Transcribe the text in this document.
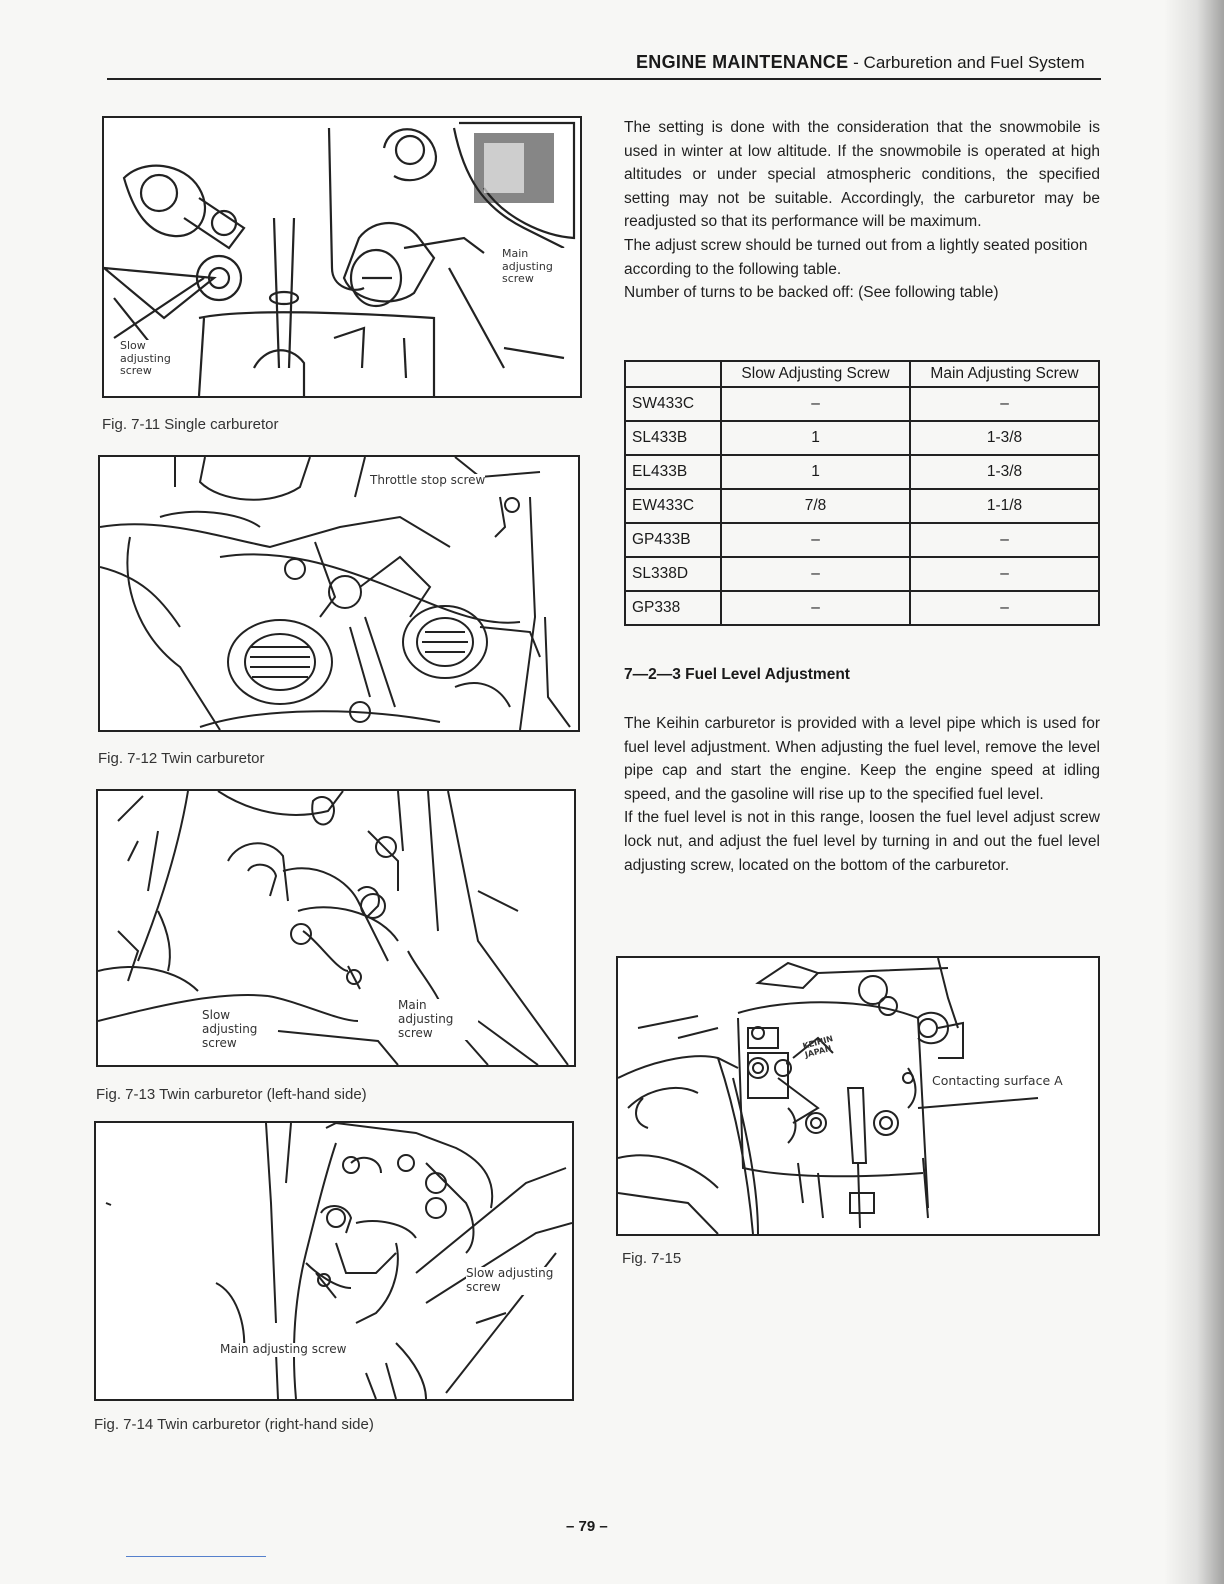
ENGINE MAINTENANCE - Carburetion and Fuel System
Main adjusting screw
Slow adjusting screw
Fig. 7-11 Single carburetor
Throttle stop screw
Fig. 7-12 Twin carburetor
Slow adjusting screw
Main adjusting screw
Fig. 7-13 Twin carburetor (left-hand side)
Slow adjusting screw
Main adjusting screw
Fig. 7-14 Twin carburetor (right-hand side)

The setting is done with the consideration that the snowmobile is used in winter at low altitude. If the snowmobile is operated at high altitudes or under special atmospheric conditions, the specified setting may not be suitable. Accordingly, the carburetor may be readjusted so that its performance will be maximum.

The adjust screw should be turned out from a lightly seated position according to the following table.

Number of turns to be backed off: (See following table)

	Slow Adjusting Screw	Main Adjusting Screw
SW433C	–	–
SL433B	1	1-3/8
EL433B	1	1-3/8
EW433C	7/8	1-1/8
GP433B	–	–
SL338D	–	–
GP338	–	–
7—2—3 Fuel Level Adjustment

The Keihin carburetor is provided with a level pipe which is used for fuel level adjustment. When adjusting the fuel level, remove the level pipe cap and start the engine. Keep the engine speed at idling speed, and the gasoline will rise up to the specified fuel level.

If the fuel level is not in this range, loosen the fuel level adjust screw lock nut, and adjust the fuel level by turning in and out the fuel level adjusting screw, located on the bottom of the carburetor.

KEIHIN JAPAN
Contacting surface A
Fig. 7-15
– 79 –
